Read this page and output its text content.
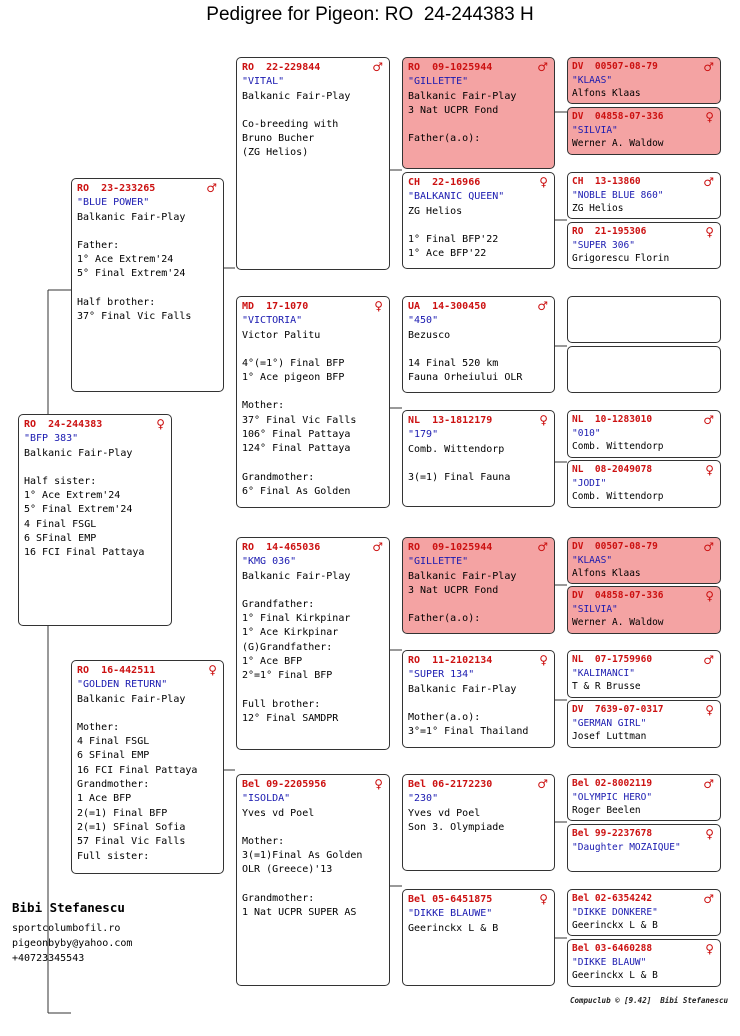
Pedigree for Pigeon: RO  24-244383 H
RO  24-244383	♀
"BFP 383"
Balkanic Fair-Play
Half sister:
1° Ace Extrem'24
5° Final Extrem'24
4 Final FSGL
6 SFinal EMP
16 FCI Final Pattaya
RO  23-233265	♂
"BLUE POWER"
Balkanic Fair-Play
Father:
1° Ace Extrem'24
5° Final Extrem'24
Half brother:
37° Final Vic Falls
RO  16-442511	♀
"GOLDEN RETURN"
Balkanic Fair-Play
Mother:
4 Final FSGL
6 SFinal EMP
16 FCI Final Pattaya
Grandmother:
1 Ace BFP
2(=1) Final BFP
2(=1) SFinal Sofia
57 Final Vic Falls
Full sister:
RO  22-229844	♂
"VITAL"
Balkanic Fair-Play
Co-breeding with
Bruno Bucher
(ZG Helios)
MD  17-1070	♀
"VICTORIA"
Victor Palitu
4°(=1°) Final BFP
1° Ace pigeon BFP
Mother:
37° Final Vic Falls
106° Final Pattaya
124° Final Pattaya
Grandmother:
6° Final As Golden
RO  14-465036	♂
"KMG 036"
Balkanic Fair-Play
Grandfather:
1° Final Kirkpinar
1° Ace Kirkpinar
(G)Grandfather:
1° Ace BFP
2°=1° Final BFP
Full brother:
12° Final SAMDPR
Bel 09-2205956	♀
"ISOLDA"
Yves vd Poel
Mother:
3(=1)Final As Golden
OLR (Greece)'13
Grandmother:
1 Nat UCPR SUPER AS
RO  09-1025944	♂
"GILLETTE"
Balkanic Fair-Play
3 Nat UCPR Fond
Father(a.o):
CH  22-16966	♀
"BALKANIC QUEEN"
ZG Helios
1° Final BFP'22
1° Ace BFP'22
UA  14-300450	♂
"450"
Bezusco
14 Final 520 km
Fauna Orheiului OLR
NL  13-1812179	♀
"179"
Comb. Wittendorp
3(=1) Final Fauna
RO  09-1025944	♂
"GILLETTE"
Balkanic Fair-Play
3 Nat UCPR Fond
Father(a.o):
RO  11-2102134	♀
"SUPER 134"
Balkanic Fair-Play
Mother(a.o):
3°=1° Final Thailand
Bel 06-2172230	♂
"230"
Yves vd Poel
Son 3. Olympiade
Bel 05-6451875	♀
"DIKKE BLAUWE"
Geerinckx L & B
DV  00507-08-79	♂
"KLAAS"
Alfons Klaas
DV  04858-07-336	♀
"SILVIA"
Werner A. Waldow
CH  13-13860	♂
"NOBLE BLUE 860"
ZG Helios
RO  21-195306	♀
"SUPER 306"
Grigorescu Florin
NL  10-1283010	♂
"010"
Comb. Wittendorp
NL  08-2049078	♀
"JODI"
Comb. Wittendorp
DV  00507-08-79	♂
"KLAAS"
Alfons Klaas
DV  04858-07-336	♀
"SILVIA"
Werner A. Waldow
NL  07-1759960	♂
"KALIMANCI"
T & R Brusse
DV  7639-07-0317	♀
"GERMAN GIRL"
Josef Luttman
Bel 02-8002119	♂
"OLYMPIC HERO"
Roger Beelen
Bel 99-2237678	♀
"Daughter MOZAIQUE"
Bel 02-6354242	♂
"DIKKE DONKERE"
Geerinckx L & B
Bel 03-6460288	♀
"DIKKE BLAUW"
Geerinckx L & B
Bibi Stefanescu
sportcolumbofil.ro
pigeonbyby@yahoo.com
+40723345543
Compuclub © [9.42]  Bibi Stefanescu
